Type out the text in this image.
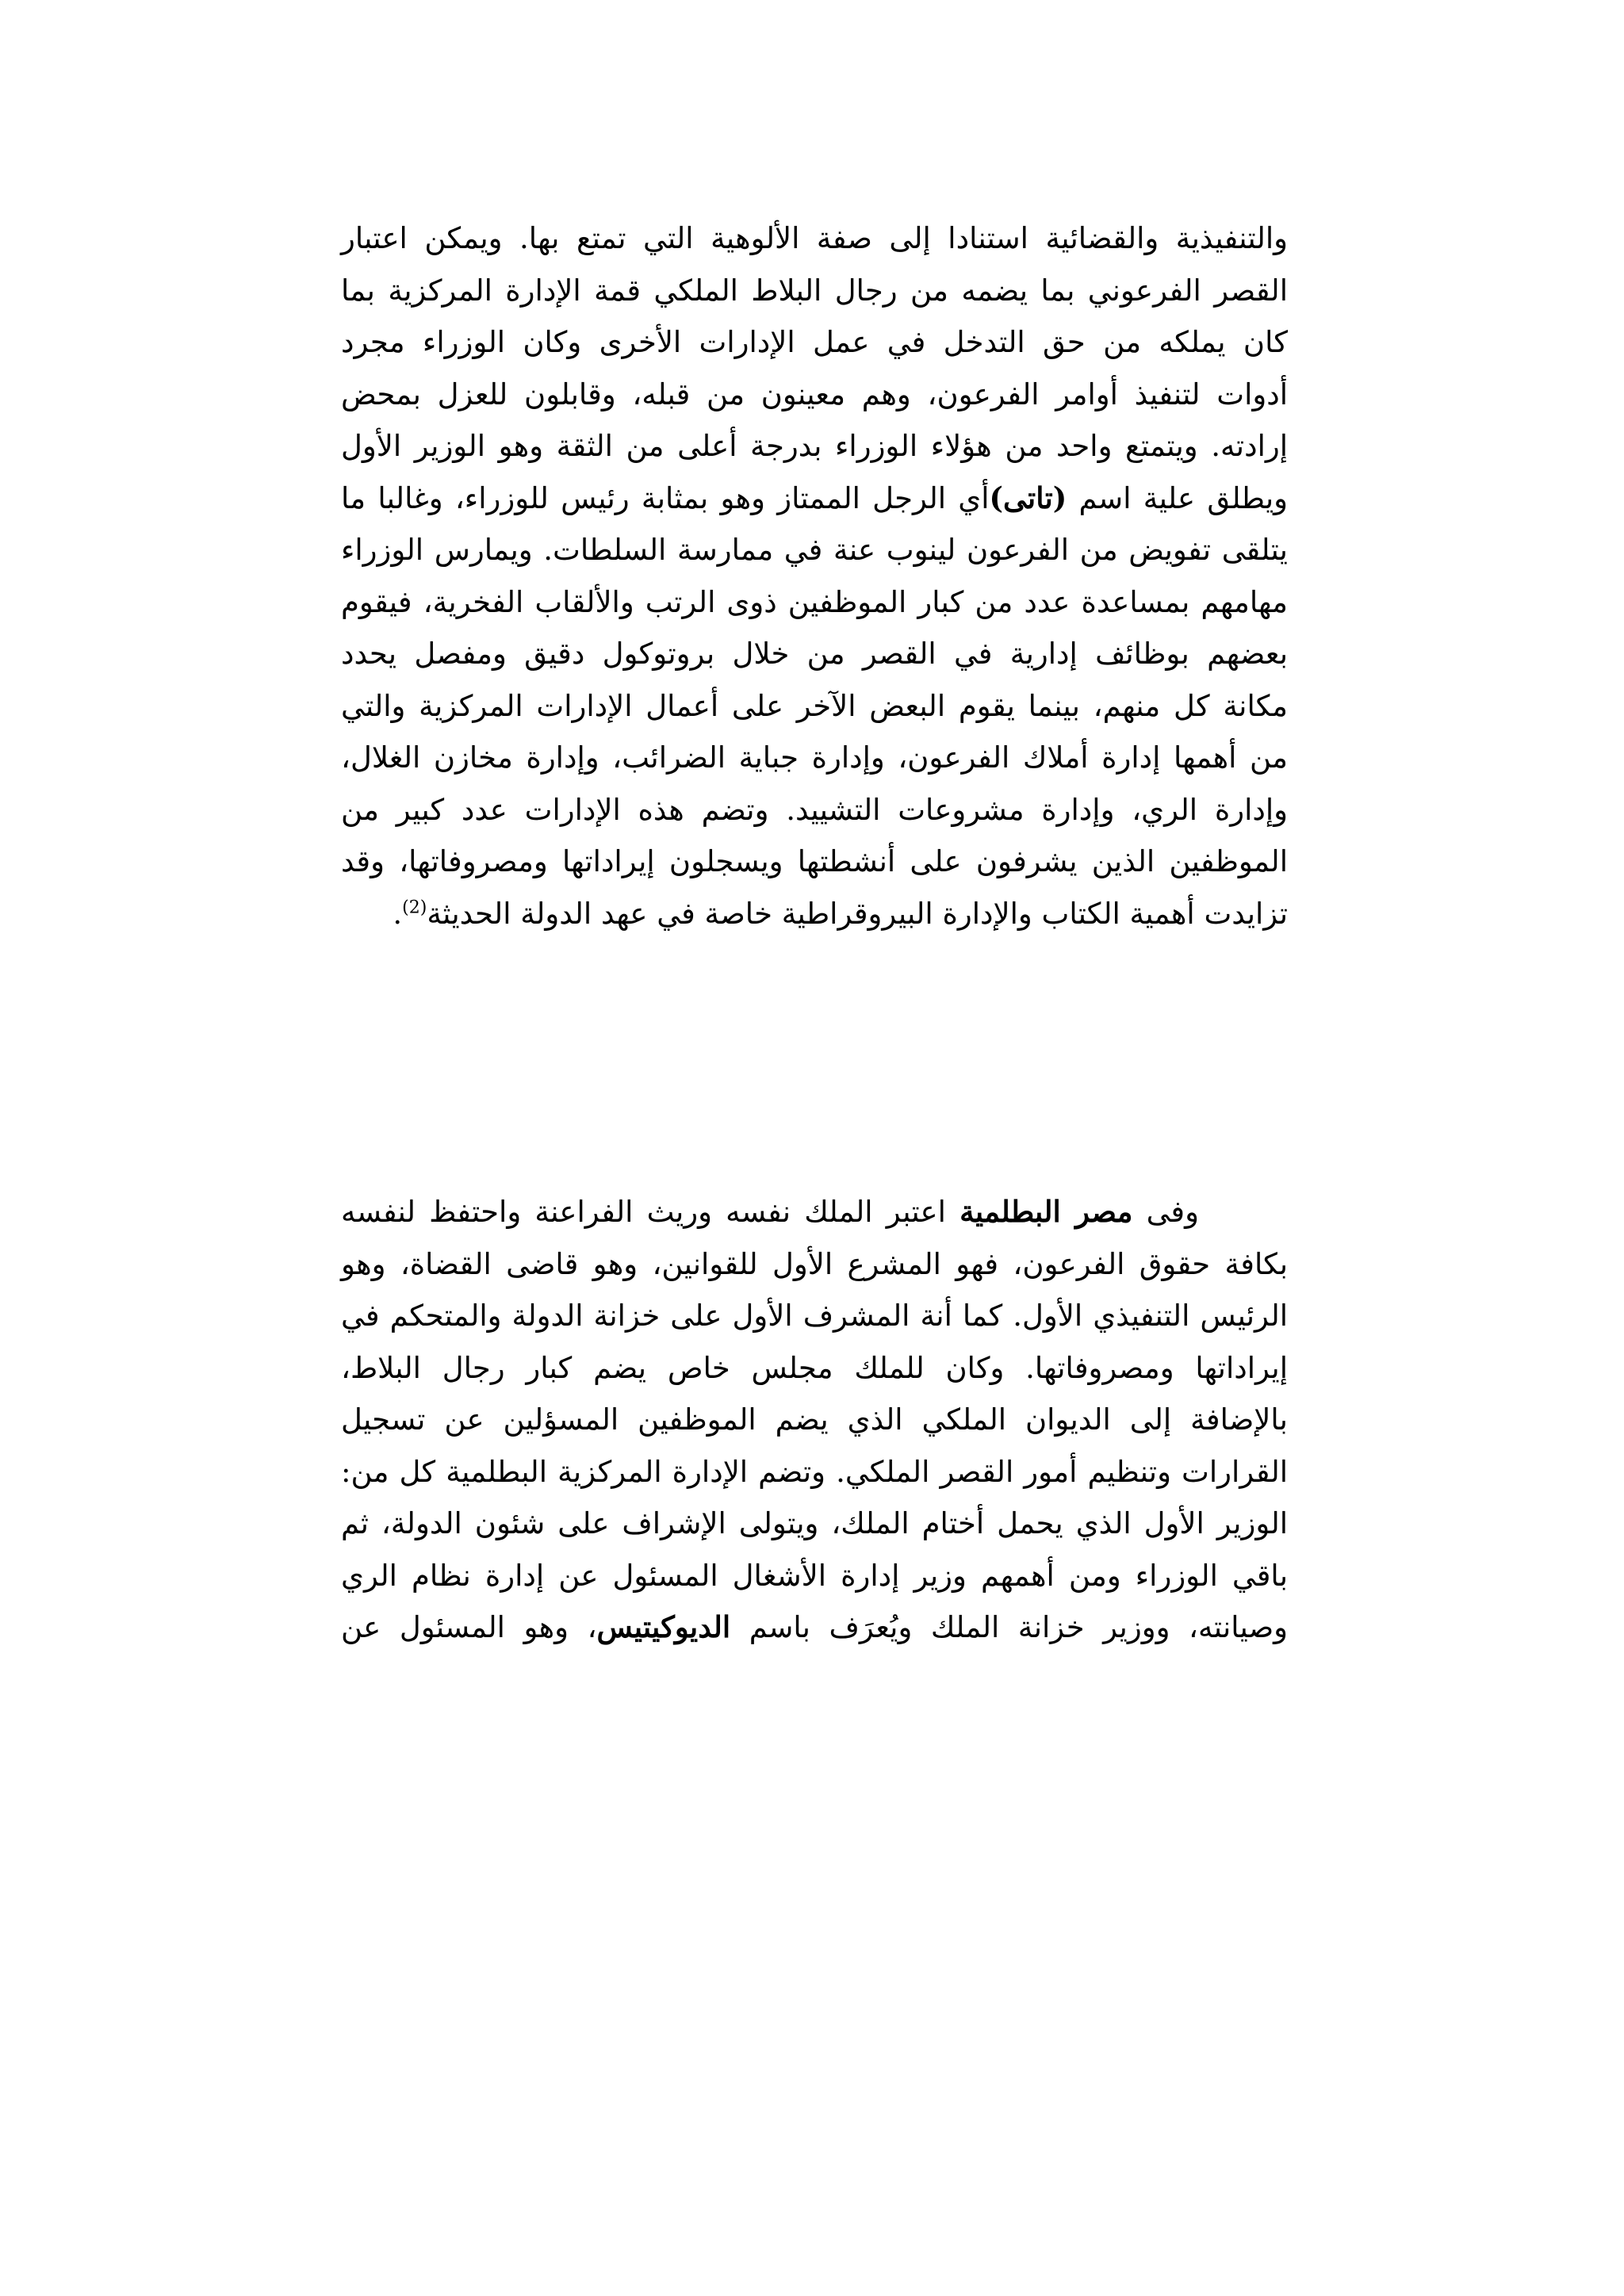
والتنفيذية والقضائية استنادا إلى صفة الألوهية التي تمتع بها. ويمكن اعتبار
القصر الفرعوني بما يضمه من رجال البلاط الملكي قمة الإدارة المركزية بما
كان يملكه من حق التدخل في عمل الإدارات الأخرى وكان الوزراء مجرد
أدوات لتنفيذ أوامر الفرعون، وهم معينون من قبله، وقابلون للعزل بمحض
إرادته. ويتمتع واحد من هؤلاء الوزراء بدرجة أعلى من الثقة وهو الوزير الأول
ويطلق علية اسم (تاتى)أي الرجل الممتاز وهو بمثابة رئيس للوزراء، وغالبا ما
يتلقى تفويض من الفرعون لينوب عنة في ممارسة السلطات. ويمارس الوزراء
مهامهم بمساعدة عدد من كبار الموظفين ذوى الرتب والألقاب الفخرية، فيقوم
بعضهم بوظائف إدارية في القصر من خلال بروتوكول دقيق ومفصل يحدد
مكانة كل منهم، بينما يقوم البعض الآخر على أعمال الإدارات المركزية والتي
من أهمها إدارة أملاك الفرعون، وإدارة جباية الضرائب، وإدارة مخازن الغلال،
وإدارة الري، وإدارة مشروعات التشييد. وتضم هذه الإدارات عدد كبير من
الموظفين الذين يشرفون على أنشطتها ويسجلون إيراداتها ومصروفاتها، وقد
تزايدت أهمية الكتاب والإدارة البيروقراطية خاصة في عهد الدولة الحديثة$^{(2)}$.
وفى مصر البطلمية اعتبر الملك نفسه وريث الفراعنة واحتفظ لنفسه
بكافة حقوق الفرعون، فهو المشرع الأول للقوانين، وهو قاضى القضاة، وهو
الرئيس التنفيذي الأول. كما أنة المشرف الأول على خزانة الدولة والمتحكم في
إيراداتها ومصروفاتها. وكان للملك مجلس خاص يضم كبار رجال البلاط،
بالإضافة إلى الديوان الملكي الذي يضم الموظفين المسؤلين عن تسجيل
القرارات وتنظيم أمور القصر الملكي. وتضم الإدارة المركزية البطلمية كل من:
الوزير الأول الذي يحمل أختام الملك، ويتولى الإشراف على شئون الدولة، ثم
باقي الوزراء ومن أهمهم وزير إدارة الأشغال المسئول عن إدارة نظام الري
وصيانته، ووزير خزانة الملك ويُعرَف باسم الديوكيتيس، وهو المسئول عن
